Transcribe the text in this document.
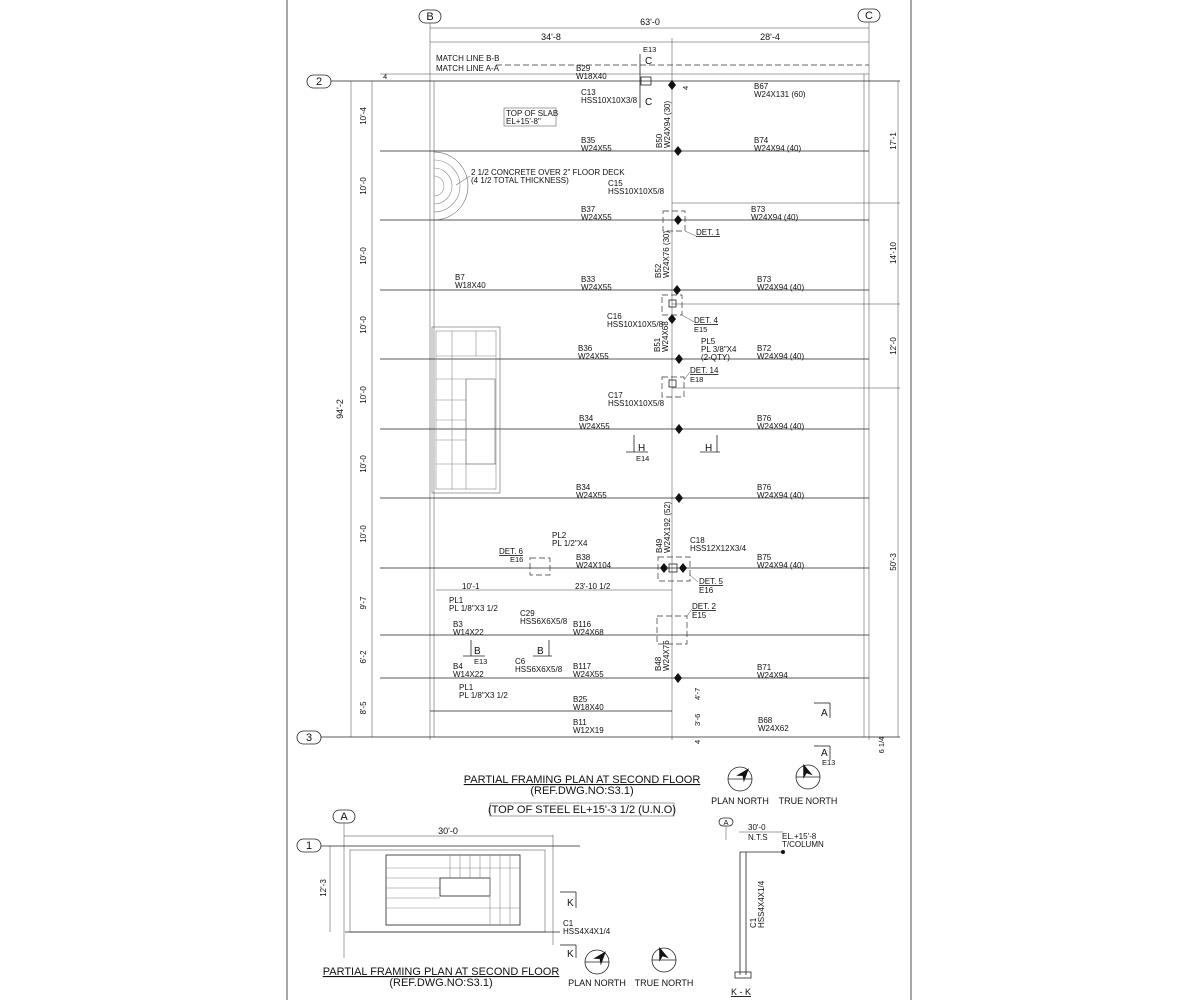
B	C
2
3
63'-0
34'-8	28'-4
MATCH LINE B-B
MATCH LINE A-A
4
94'-2
10'-4
10'-0
10'-0
10'-0
10'-0
10'-0
10'-0
9'-7
6'-2
8'-5
17'-1
14'-10
12'-0
50'-3
6 1/4
B29
W18X40
C13
HSS10X10X3/8
B67
W24X131 (60)
B35
W24X55
B74
W24X94 (40)
B50 W24X94 (30)
C15
HSS10X10X5/8
B37
W24X55
B73
W24X94 (40)
DET. 1
B52 W24X76 (30)
B7
W18X40
B33
W24X55
B73
W24X94 (40)
C16
HSS10X10X5/8	DET. 4
E15
B51 W24X68	PL5
PL 3/8"X4
(2-QTY)
B36
W24X55
B72
W24X94 (40)
DET. 14
E18
C17
HSS10X10X5/8
B34
W24X55
B76
W24X94 (40)
B34
W24X55
B76
W24X94 (40)
B49 W24X192 (52) C18
HSS12X12X3/4
PL2
PL 1/2"X4
DET. 6
E16	B38
W24X104
B75
W24X94 (40)
DET. 5
E16
10'-1	23'-10 1/2
PL1
PL 1/8"X3 1/2	DET. 2
E15
B3
W14X22
C29
HSS6X6X5/8 B116
W24X68
B4
W14X22
C6
HSS6X6X5/8 B117
W24X55
B48 W24X76	B71
W24X94
PL1
PL 1/8"X3 1/2	B25
W18X40
B11
W12X19
B68
W24X62
4'-7
3'-6
4
4
TOP OF SLAB
EL+15'-8"
2 1/2 CONCRETE OVER 2" FLOOR DECK
(4 1/2 TOTAL THICKNESS)
E13
C
C
H
E14
H
B
E13
B
A
A
E13
PARTIAL FRAMING PLAN AT SECOND FLOOR
(REF.DWG.NO:S3.1)
(TOP OF STEEL EL+15'-3 1/2 (U.N.O)
PLAN NORTH TRUE NORTH
A
1
30'-0
12'-3
C1
HSS4X4X1/4
K
K
PARTIAL FRAMING PLAN AT SECOND FLOOR
(REF.DWG.NO:S3.1)	PLAN NORTH TRUE NORTH
A
30'-0
N.T.S EL.+15'-8
T/COLUMN
C1 HSS4X4X1/4
K - K
